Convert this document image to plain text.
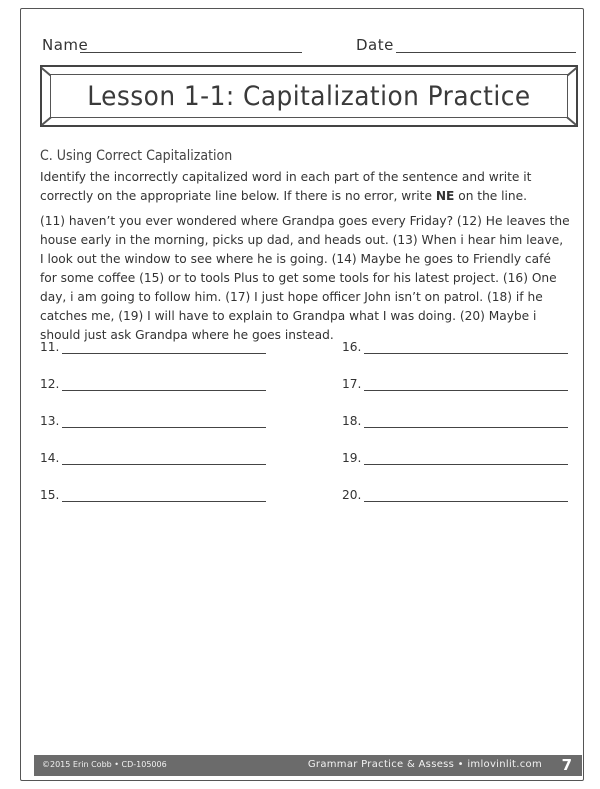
Name	Date
Lesson 1-1: Capitalization Practice
C. Using Correct Capitalization

Identify the incorrectly capitalized word in each part of the sentence and write it correctly on the appropriate line below. If there is no error, write NE on the line.

(11) haven’t you ever wondered where Grandpa goes every Friday? (12) He leaves the house early in the morning, picks up dad, and heads out. (13) When i hear him leave, I look out the window to see where he is going. (14) Maybe he goes to Friendly café for some coffee (15) or to tools Plus to get some tools for his latest project. (16) One day, i am going to follow him. (17) I just hope officer John isn’t on patrol. (18) if he catches me, (19) I will have to explain to Grandpa what I was doing. (20) Maybe i should just ask Grandpa where he goes instead.

11.
12.
13.
14.
15.
16.
17.
18.
19.
20.
©2015 Erin Cobb • CD-105006	Grammar Practice & Assess • imlovinlit.com 7
